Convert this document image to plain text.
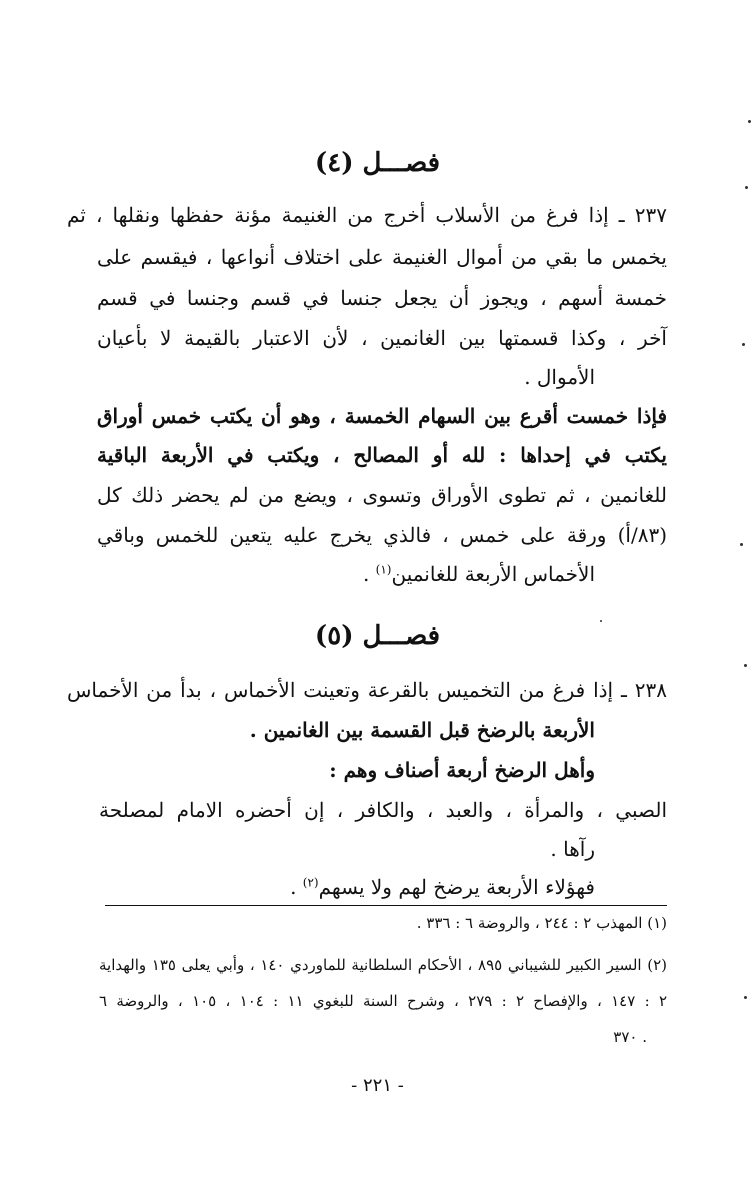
فصـــل (٤)
٢٣٧ ـ إذا فرغ من الأسلاب أخرج من الغنيمة مؤنة حفظها ونقلها ، ثم
يخمس ما بقي من أموال الغنيمة على اختلاف أنواعها ، فيقسم على
خمسة أسهم ، ويجوز أن يجعل جنسا في قسم وجنسا في قسم
آخر ، وكذا قسمتها بين الغانمين ، لأن الاعتبار بالقيمة لا بأعيان
الأموال .
فإذا خمست أقرع بين السهام الخمسة ، وهو أن يكتب خمس أوراق
يكتب في إحداها : لله أو المصالح ، ويكتب في الأربعة الباقية
للغانمين ، ثم تطوى الأوراق وتسوى ، ويضع من لم يحضر ذلك كل
(٨٣/أ) ورقة على خمس ، فالذي يخرج عليه يتعين للخمس وباقي
الأخماس الأربعة للغانمين$^{(١)}$ .
فصـــل (٥)
٢٣٨ ـ إذا فرغ من التخميس بالقرعة وتعينت الأخماس ، بدأ من الأخماس
الأربعة بالرضخ قبل القسمة بين الغانمين .
وأهل الرضخ أربعة أصناف وهم :
الصبي ، والمرأة ، والعبد ، والكافر ، إن أحضره الامام لمصلحة
رآها .
فهؤلاء الأربعة يرضخ لهم ولا يسهم$^{(٢)}$ .
(١) المهذب ٢ : ٢٤٤ ، والروضة ٦ : ٣٣٦ .
(٢) السير الكبير للشيباني ٨٩٥ ، الأحكام السلطانية للماوردي ١٤٠ ، وأبي يعلى ١٣٥ والهداية
٢ : ١٤٧ ، والإفصاح ٢ : ٢٧٩ ، وشرح السنة للبغوي ١١ : ١٠٤ ، ١٠٥ ، والروضة ٦
. ٣٧٠
- ٢٢١ -
